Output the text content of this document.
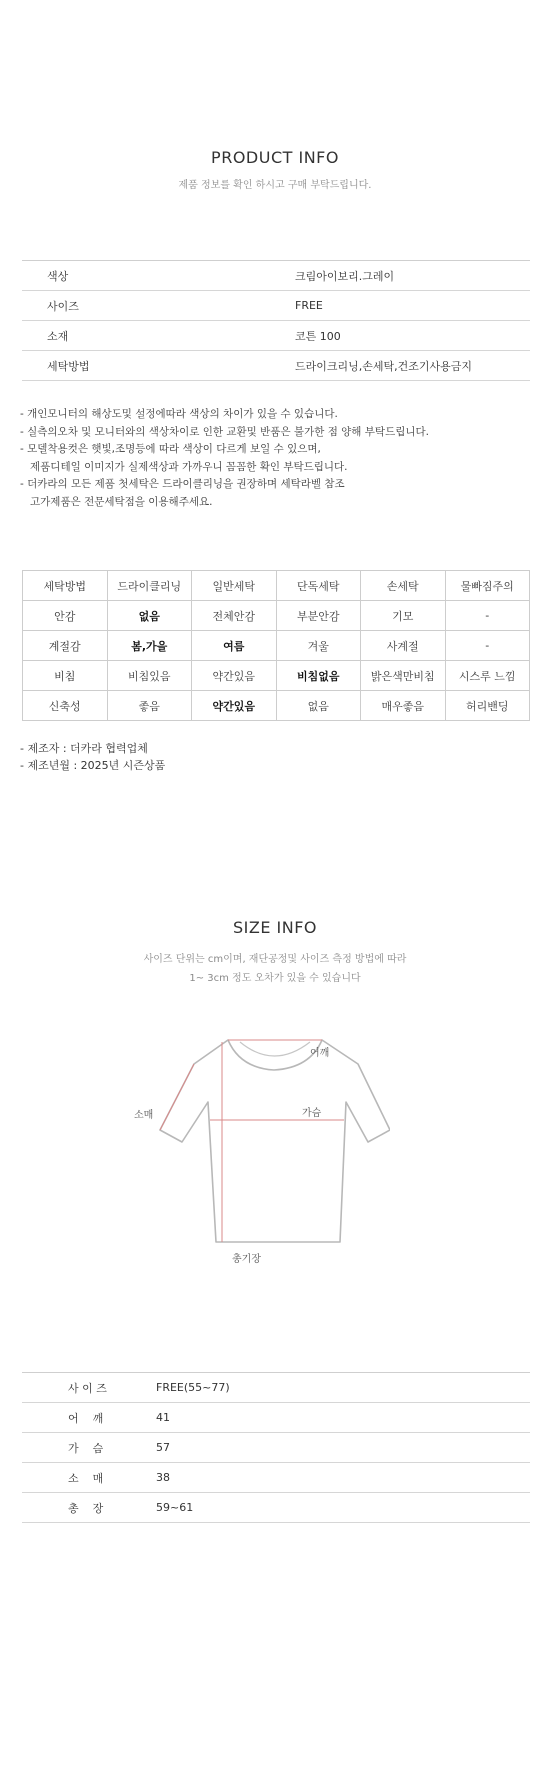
PRODUCT INFO
제품 정보를 확인 하시고 구매 부탁드립니다.
색상	크림아이보리.그레이
사이즈	FREE
소재	코튼 100
세탁방법	드라이크리닝,손세탁,건조기사용금지

- 개인모니터의 해상도및 설정에따라 색상의 차이가 있을 수 있습니다.

- 실측의오차 및 모니터와의 색상차이로 인한 교환및 반품은 불가한 점 양해 부탁드립니다.

- 모델착용컷은 햇빛,조명등에 따라 색상이 다르게 보일 수 있으며,

제품디테일 이미지가 실제색상과 가까우니 꼼꼼한 확인 부탁드립니다.

- 더카라의 모든 제품 첫세탁은 드라이클리닝을 권장하며 세탁라벨 참조

고가제품은 전문세탁점을 이용해주세요.

세탁방법	드라이클리닝	일반세탁	단독세탁	손세탁	물빠짐주의
안감	없음	전체안감	부분안감	기모	-
계절감	봄,가을	여름	겨울	사계절	-
비침	비침있음	약간있음	비침없음	밝은색만비침	시스루 느낌
신축성	좋음	약간있음	없음	매우좋음	허리밴딩

- 제조자 : 더카라 협력업체

- 제조년월 : 2025년 시즌상품

SIZE INFO
사이즈 단위는 cm이며, 재단공정및 사이즈 측정 방법에 따라
1~ 3cm 정도 오차가 있을 수 있습니다
어깨
가슴
소매
총기장
사 이 즈	FREE(55~77)
어    깨	41
가    슴	57
소    매	38
총    장	59~61
